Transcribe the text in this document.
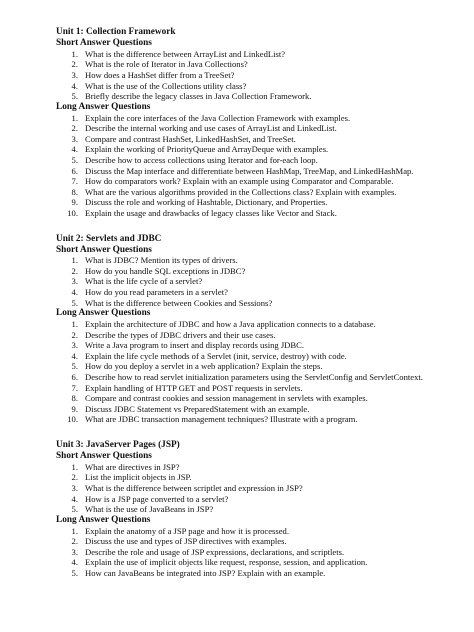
Unit 1: Collection Framework
Short Answer Questions
1. What is the difference between ArrayList and LinkedList?
2. What is the role of Iterator in Java Collections?
3. How does a HashSet differ from a TreeSet?
4. What is the use of the Collections utility class?
5. Briefly describe the legacy classes in Java Collection Framework.
Long Answer Questions
1. Explain the core interfaces of the Java Collection Framework with examples.
2. Describe the internal working and use cases of ArrayList and LinkedList.
3. Compare and contrast HashSet, LinkedHashSet, and TreeSet.
4. Explain the working of PriorityQueue and ArrayDeque with examples.
5. Describe how to access collections using Iterator and for-each loop.
6. Discuss the Map interface and differentiate between HashMap, TreeMap, and LinkedHashMap.
7. How do comparators work? Explain with an example using Comparator and Comparable.
8. What are the various algorithms provided in the Collections class? Explain with examples.
9. Discuss the role and working of Hashtable, Dictionary, and Properties.
10. Explain the usage and drawbacks of legacy classes like Vector and Stack.
Unit 2: Servlets and JDBC
Short Answer Questions
1. What is JDBC? Mention its types of drivers.
2. How do you handle SQL exceptions in JDBC?
3. What is the life cycle of a servlet?
4. How do you read parameters in a servlet?
5. What is the difference between Cookies and Sessions?
Long Answer Questions
1. Explain the architecture of JDBC and how a Java application connects to a database.
2. Describe the types of JDBC drivers and their use cases.
3. Write a Java program to insert and display records using JDBC.
4. Explain the life cycle methods of a Servlet (init, service, destroy) with code.
5. How do you deploy a servlet in a web application? Explain the steps.
6. Describe how to read servlet initialization parameters using the ServletConfig and ServletContext.
7. Explain handling of HTTP GET and POST requests in servlets.
8. Compare and contrast cookies and session management in servlets with examples.
9. Discuss JDBC Statement vs PreparedStatement with an example.
10. What are JDBC transaction management techniques? Illustrate with a program.
Unit 3: JavaServer Pages (JSP)
Short Answer Questions
1. What are directives in JSP?
2. List the implicit objects in JSP.
3. What is the difference between scriptlet and expression in JSP?
4. How is a JSP page converted to a servlet?
5. What is the use of JavaBeans in JSP?
Long Answer Questions
1. Explain the anatomy of a JSP page and how it is processed.
2. Discuss the use and types of JSP directives with examples.
3. Describe the role and usage of JSP expressions, declarations, and scriptlets.
4. Explain the use of implicit objects like request, response, session, and application.
5. How can JavaBeans be integrated into JSP? Explain with an example.
